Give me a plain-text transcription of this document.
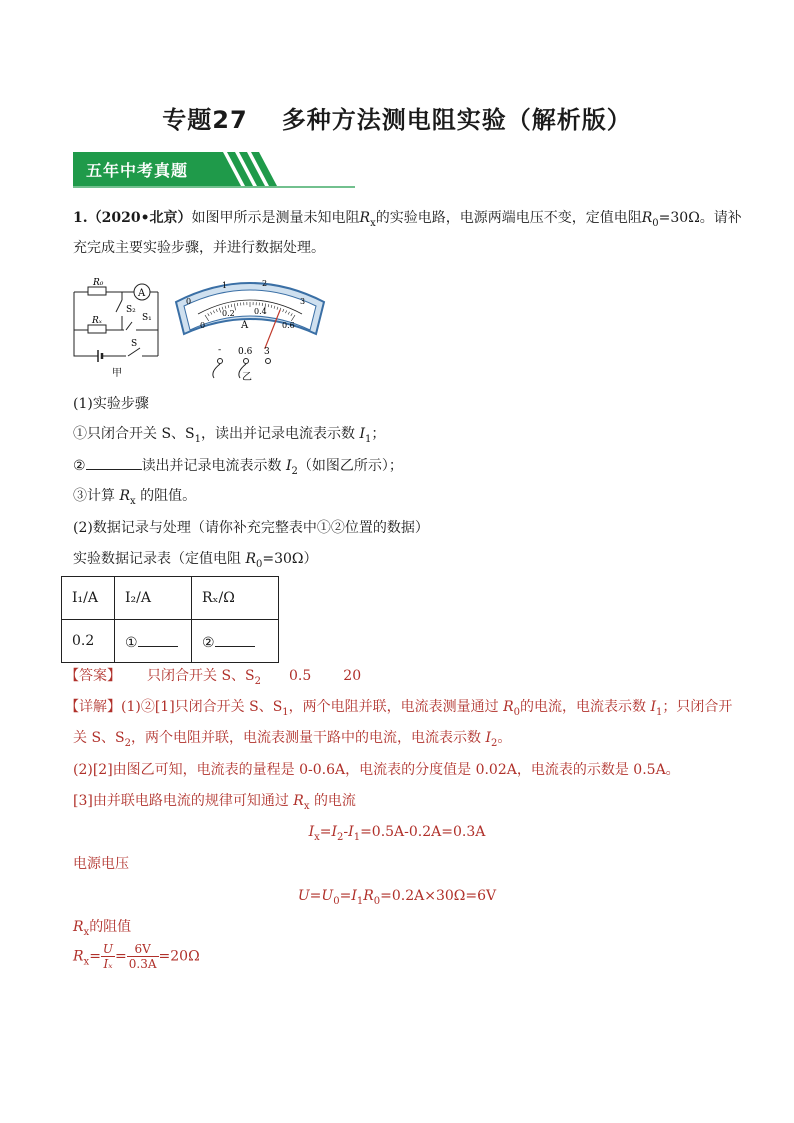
专题27 多种方法测电阻实验（解析版）
五年中考真题
1.（2020•北京）如图甲所示是测量未知电阻$R_x$的实验电路，电源两端电压不变，定值电阻$R_0=30\Omega$。请补
充完成主要实验步骤，并进行数据处理。
R₀
Rₓ
A
S₂
S₁
S
甲
0
1	2
3
0
0.2 0.4
0.6
A
- 0.6 3
乙
(1)实验步骤
①只闭合开关 S、$S_1$，读出并记录电流表示数 $I_1$；
②	读出并记录电流表示数 $I_2$（如图乙所示）；
③计算 $R_x$ 的阻值。
(2)数据记录与处理（请你补充完整表中①②位置的数据）
实验数据记录表（定值电阻 $R_0=30\Omega$）
I₁/A	I₂/A	Rₓ/Ω
0.2	①	②
【答案】 只闭合开关 S、$S_2$ 0.5 20
【详解】(1)②[1]只闭合开关 S、$S_1$，两个电阻并联，电流表测量通过 $R_0$的电流，电流表示数 $I_1$；只闭合开
关 S、$S_2$，两个电阻并联，电流表测量干路中的电流，电流表示数 $I_2$。
(2)[2]由图乙可知，电流表的量程是 0-0.6A，电流表的分度值是 0.02A，电流表的示数是 0.5A。
[3]由并联电路电流的规律可知通过 $R_x$ 的电流
$I_x=I_2-I_1=0.5A-0.2A=0.3A$
电源电压
$U=U_0=I_1R_0=0.2A\times 30\Omega=6V$
$R_x$的阻值
$R_x= \frac{U}{\text{Iₓ}} = \frac{6V}{0.3A} =20\Omega$
